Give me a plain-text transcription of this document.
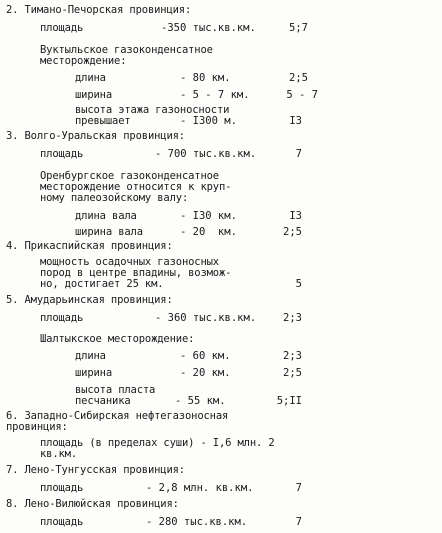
2. Тимано-Печорская провинция:
площадь	-350 тыс.кв.км.	5;7
Вуктыльское газоконденсатное
месторождение:
длина	- 80 км.	2;5
ширина	- 5 - 7 км.	5 - 7
высота этажа газоносности
превышает	- I300 м.	I3
3. Волго-Уральская провинция:
площадь	- 700 тыс.кв.км.	7
Оренбургское газоконденсатное
месторождение относится к круп-
ному палеозойскому валу:
длина вала	- I30 км.	I3
ширина вала	- 20  км.	2;5
4. Прикаспийская провинция:
мощность осадочных газоносных
пород в центре впадины, возмож-
но, достигает 25 км.	5
5. Амударьинская провинция:
площадь	- 360 тыс.кв.км.	2;3
Шалтыкское месторождение:
длина	- 60 км.	2;3
ширина	- 20 км.	2;5
высота пласта
песчаника	- 55 км.	5;II
6. Западно-Сибирская нефтегазоносная
провинция:
площадь (в пределах суши) - I,6 млн. 2
кв.км.
7. Лено-Тунгусская провинция:
площадь	- 2,8 млн. кв.км.	7
8. Лено-Вилюйская провинция:
площадь	- 280 тыс.кв.км.	7
